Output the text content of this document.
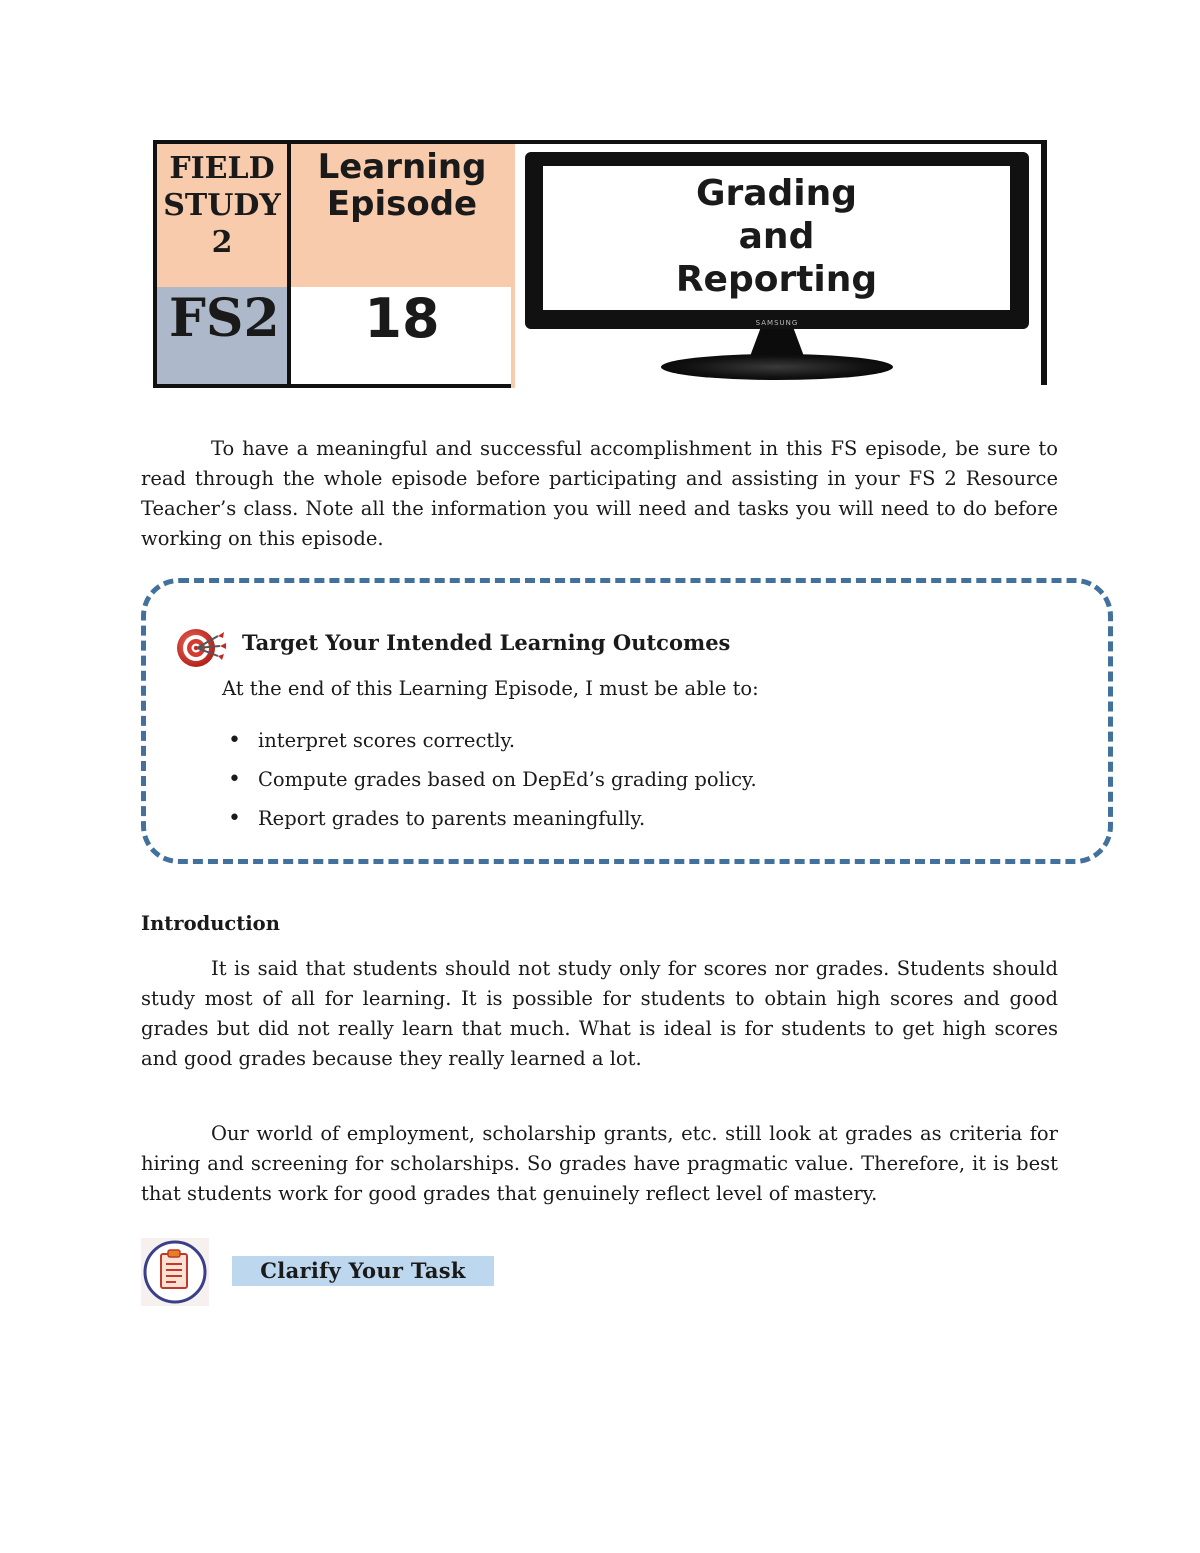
FIELD
STUDY
2
FS2
Learning
Episode
18
Grading
and
Reporting
SAMSUNG

To have a meaningful and successful accomplishment in this FS episode, be sure to read through the whole episode before participating and assisting in your FS 2 Resource Teacher’s class. Note all the information you will need and tasks you will need to do before working on this episode.

Target Your Intended Learning Outcomes
At the end of this Learning Episode, I must be able to:
• interpret scores correctly.
• Compute grades based on DepEd’s grading policy.
• Report grades to parents meaningfully.
Introduction

It is said that students should not study only for scores nor grades. Students should study most of all for learning. It is possible for students to obtain high scores and good grades but did not really learn that much. What is ideal is for students to get high scores and good grades because they really learned a lot.

Our world of employment, scholarship grants, etc. still look at grades as criteria for hiring and screening for scholarships. So grades have pragmatic value. Therefore, it is best that students work for good grades that genuinely reflect level of mastery.

Clarify Your Task
